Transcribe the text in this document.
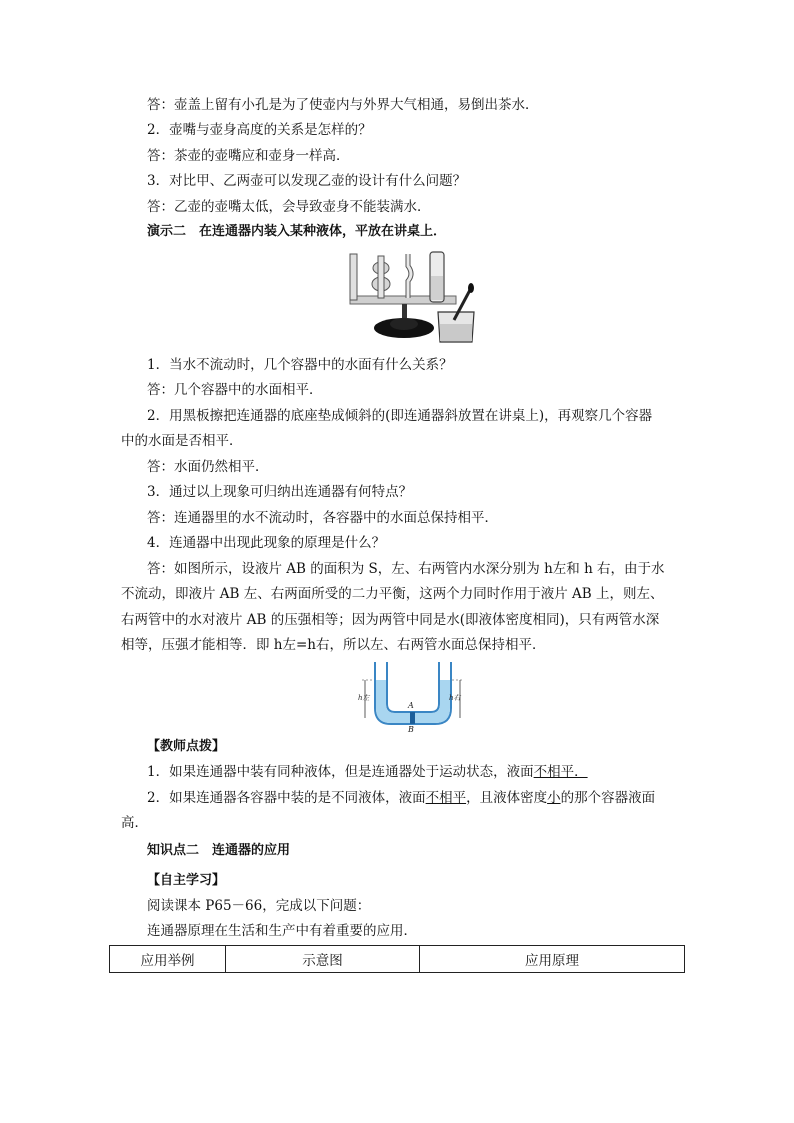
答：壶盖上留有小孔是为了使壶内与外界大气相通，易倒出茶水．
2．壶嘴与壶身高度的关系是怎样的？
答：茶壶的壶嘴应和壶身一样高．
3．对比甲、乙两壶可以发现乙壶的设计有什么问题？
答：乙壶的壶嘴太低，会导致壶身不能装满水．
演示二　在连通器内装入某种液体，平放在讲桌上．
1．当水不流动时，几个容器中的水面有什么关系？
答：几个容器中的水面相平．
2．用黑板擦把连通器的底座垫成倾斜的(即连通器斜放置在讲桌上)，再观察几个容器
中的水面是否相平．
答：水面仍然相平．
3．通过以上现象可归纳出连通器有何特点？
答：连通器里的水不流动时，各容器中的水面总保持相平．
4．连通器中出现此现象的原理是什么？
答：如图所示，设液片 AB 的面积为 S，左、右两管内水深分别为 h左和 h 右，由于水
不流动，即液片 AB 左、右两面所受的二力平衡，这两个力同时作用于液片 AB 上，则左、
右两管中的水对液片 AB 的压强相等；因为两管中同是水(即液体密度相同)，只有两管水深
相等，压强才能相等．即 h左=h右，所以左、右两管水面总保持相平．
h左	h右
A
B
【教师点拨】
1．如果连通器中装有同种液体，但是连通器处于运动状态，液面不相平．
2．如果连通器各容器中装的是不同液体，液面不相平，且液体密度小的那个容器液面
高．
知识点二　连通器的应用
【自主学习】
阅读课本 P65－66，完成以下问题：
连通器原理在生活和生产中有着重要的应用．
应用举例	示意图	应用原理
